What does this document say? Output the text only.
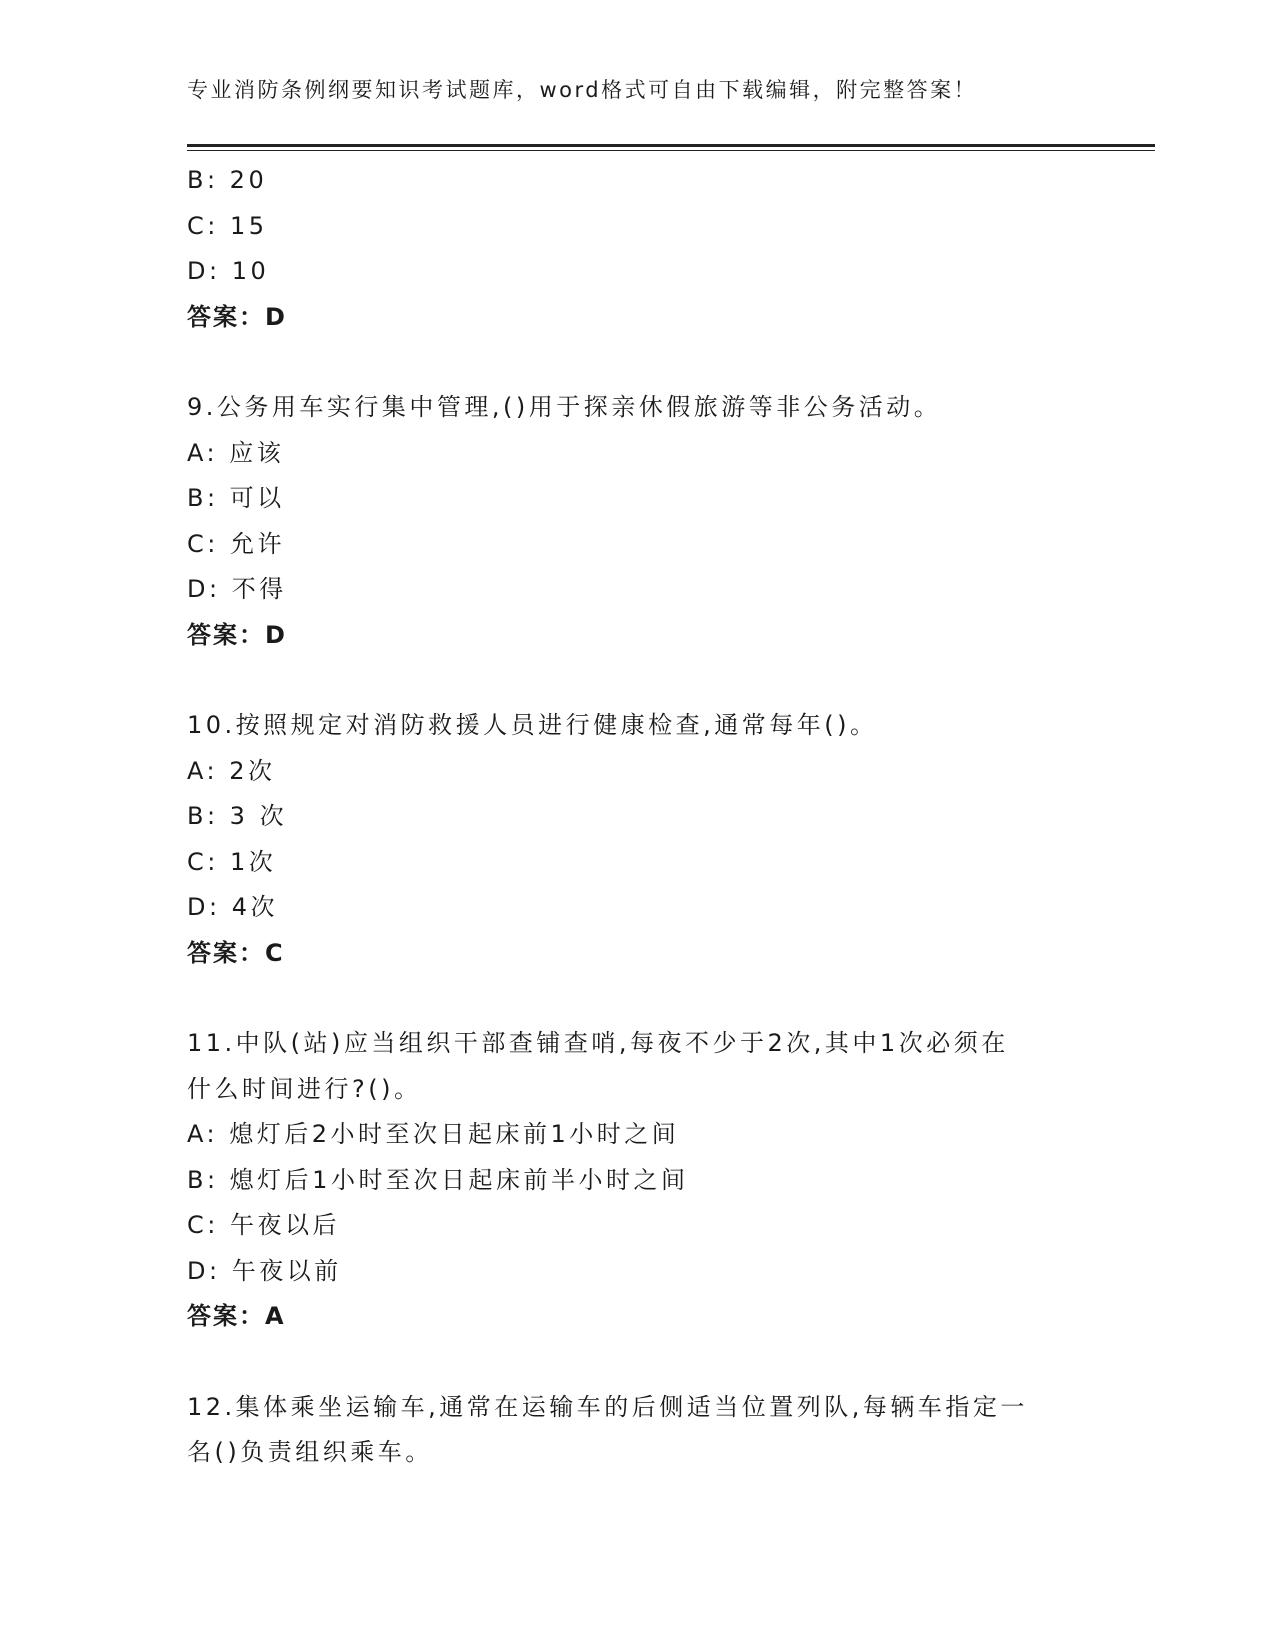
专业消防条例纲要知识考试题库，word格式可自由下载编辑，附完整答案！
B: 20
C: 15
D: 10
答案：D
9.公务用车实行集中管理,()用于探亲休假旅游等非公务活动。
A: 应该
B: 可以
C: 允许
D: 不得
答案：D
10.按照规定对消防救援人员进行健康检查,通常每年()。
A: 2次
B: 3 次
C: 1次
D: 4次
答案：C
11.中队(站)应当组织干部查铺查哨,每夜不少于2次,其中1次必须在
什么时间进行?()。
A: 熄灯后2小时至次日起床前1小时之间
B: 熄灯后1小时至次日起床前半小时之间
C: 午夜以后
D: 午夜以前
答案：A
12.集体乘坐运输车,通常在运输车的后侧适当位置列队,每辆车指定一
名()负责组织乘车。
